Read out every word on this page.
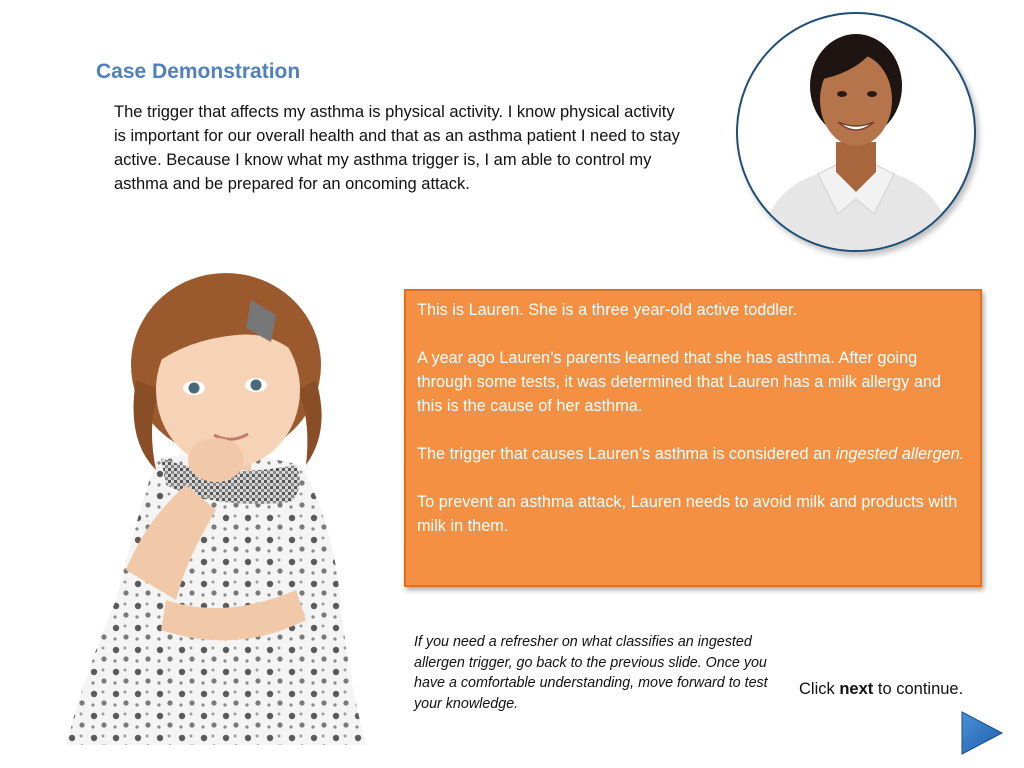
Case Demonstration
The trigger that affects my asthma is physical activity. I know physical activity is important for our overall health and that as an asthma patient I need to stay active. Because I know what my asthma trigger is, I am able to control my asthma and be prepared for an oncoming attack.

This is Lauren. She is a three year-old active toddler.

A year ago Lauren’s parents learned that she has asthma. After going through some tests, it was determined that Lauren has a milk allergy and this is the cause of her asthma.

The trigger that causes Lauren’s asthma is considered an ingested allergen.

To prevent an asthma attack, Lauren needs to avoid milk and products with milk in them.

If you need a refresher on what classifies an ingested allergen trigger, go back to the previous slide. Once you have a comfortable understanding, move forward to test your knowledge.
Click next to continue.
